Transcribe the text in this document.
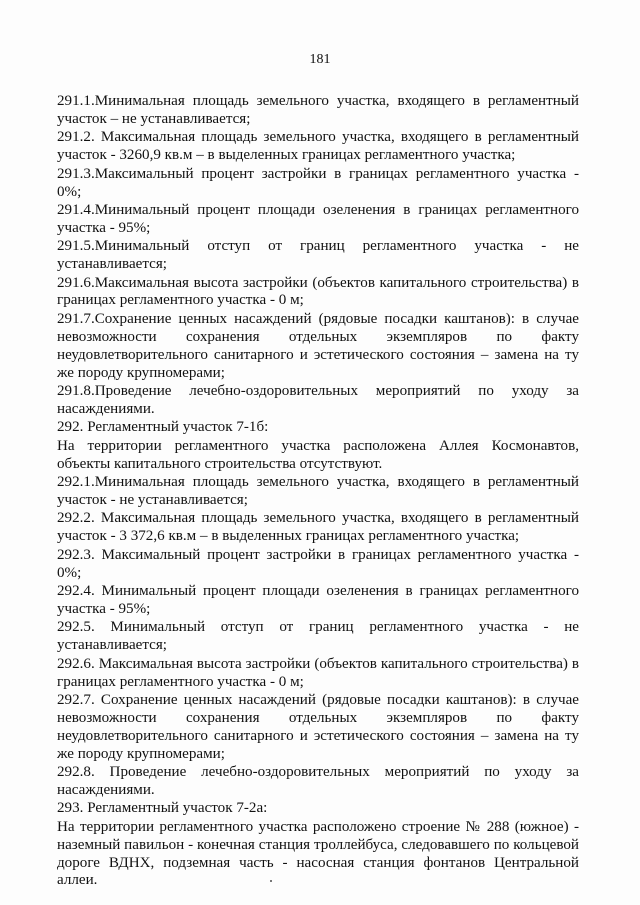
181

291.1.Минимальная площадь земельного участка, входящего в регламентный участок – не устанавливается;

291.2. Максимальная площадь земельного участка, входящего в регламентный участок - 3260,9 кв.м – в выделенных границах регламентного участка;

291.3.Максимальный процент застройки в границах регламентного участка - 0%;

291.4.Минимальный процент площади озеленения в границах регламентного участка - 95%;

291.5.Минимальный отступ от границ регламентного участка - не устанавливается;

291.6.Максимальная высота застройки (объектов капитального строительства) в границах регламентного участка - 0 м;

291.7.Сохранение ценных насаждений (рядовые посадки каштанов): в случае невозможности сохранения отдельных экземпляров по факту неудовлетворительного санитарного и эстетического состояния – замена на ту же породу крупномерами;

291.8.Проведение лечебно-оздоровительных мероприятий по уходу за насаждениями.

292. Регламентный участок 7-1б:

На территории регламентного участка расположена Аллея Космонавтов, объекты капитального строительства отсутствуют.

292.1.Минимальная площадь земельного участка, входящего в регламентный участок - не устанавливается;

292.2. Максимальная площадь земельного участка, входящего в регламентный участок - 3 372,6 кв.м – в выделенных границах регламентного участка;

292.3. Максимальный процент застройки в границах регламентного участка - 0%;

292.4. Минимальный процент площади озеленения в границах регламентного участка - 95%;

292.5. Минимальный отступ от границ регламентного участка - не устанавливается;

292.6. Максимальная высота застройки (объектов капитального строительства) в границах регламентного участка - 0 м;

292.7. Сохранение ценных насаждений (рядовые посадки каштанов): в случае невозможности сохранения отдельных экземпляров по факту неудовлетворительного санитарного и эстетического состояния – замена на ту же породу крупномерами;

292.8. Проведение лечебно-оздоровительных мероприятий по уходу за насаждениями.

293. Регламентный участок 7-2а:

На территории регламентного участка расположено строение № 288 (южное) - наземный павильон - конечная станция троллейбуса, следовавшего по кольцевой дороге ВДНХ, подземная часть - насосная станция фонтанов Центральной аллеи.
